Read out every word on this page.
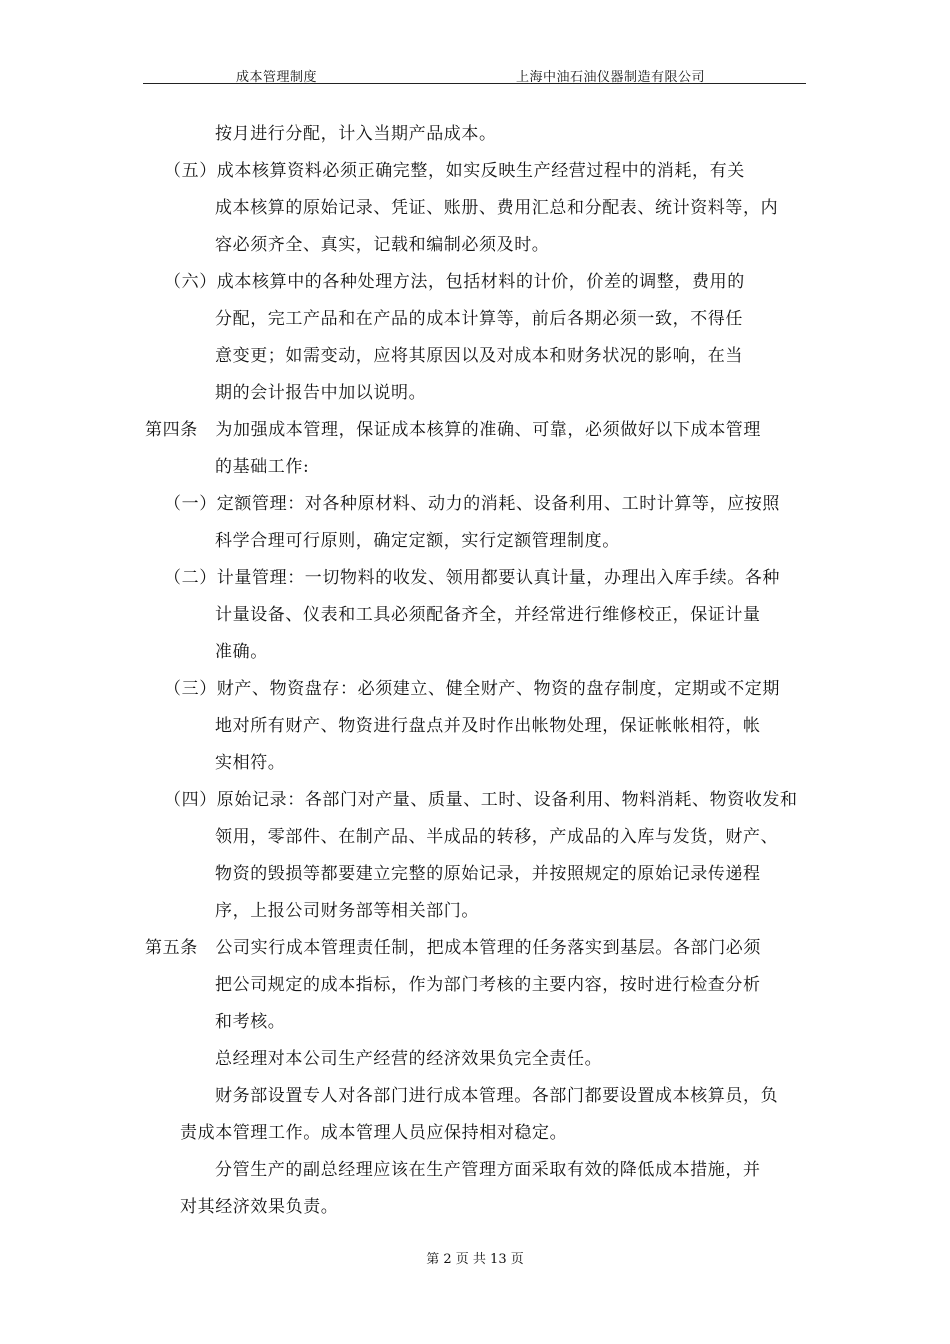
成本管理制度	上海中油石油仪器制造有限公司
按月进行分配，计入当期产品成本。
（五）成本核算资料必须正确完整，如实反映生产经营过程中的消耗，有关
成本核算的原始记录、凭证、账册、费用汇总和分配表、统计资料等，内
容必须齐全、真实，记载和编制必须及时。
（六）成本核算中的各种处理方法，包括材料的计价，价差的调整，费用的
分配，完工产品和在产品的成本计算等，前后各期必须一致，不得任
意变更；如需变动，应将其原因以及对成本和财务状况的影响，在当
期的会计报告中加以说明。
第四条　为加强成本管理，保证成本核算的准确、可靠，必须做好以下成本管理
的基础工作:
（一）定额管理：对各种原材料、动力的消耗、设备利用、工时计算等，应按照
科学合理可行原则，确定定额，实行定额管理制度。
（二）计量管理：一切物料的收发、领用都要认真计量，办理出入库手续。各种
计量设备、仪表和工具必须配备齐全，并经常进行维修校正，保证计量
准确。
（三）财产、物资盘存：必须建立、健全财产、物资的盘存制度，定期或不定期
地对所有财产、物资进行盘点并及时作出帐物处理，保证帐帐相符，帐
实相符。
（四）原始记录：各部门对产量、质量、工时、设备利用、物料消耗、物资收发和
领用，零部件、在制产品、半成品的转移，产成品的入库与发货，财产、
物资的毁损等都要建立完整的原始记录，并按照规定的原始记录传递程
序，上报公司财务部等相关部门。
第五条　公司实行成本管理责任制，把成本管理的任务落实到基层。各部门必须
把公司规定的成本指标，作为部门考核的主要内容，按时进行检查分析
和考核。
总经理对本公司生产经营的经济效果负完全责任。
财务部设置专人对各部门进行成本管理。各部门都要设置成本核算员，负
责成本管理工作。成本管理人员应保持相对稳定。
分管生产的副总经理应该在生产管理方面采取有效的降低成本措施，并
对其经济效果负责。
第 2 页 共 13 页
